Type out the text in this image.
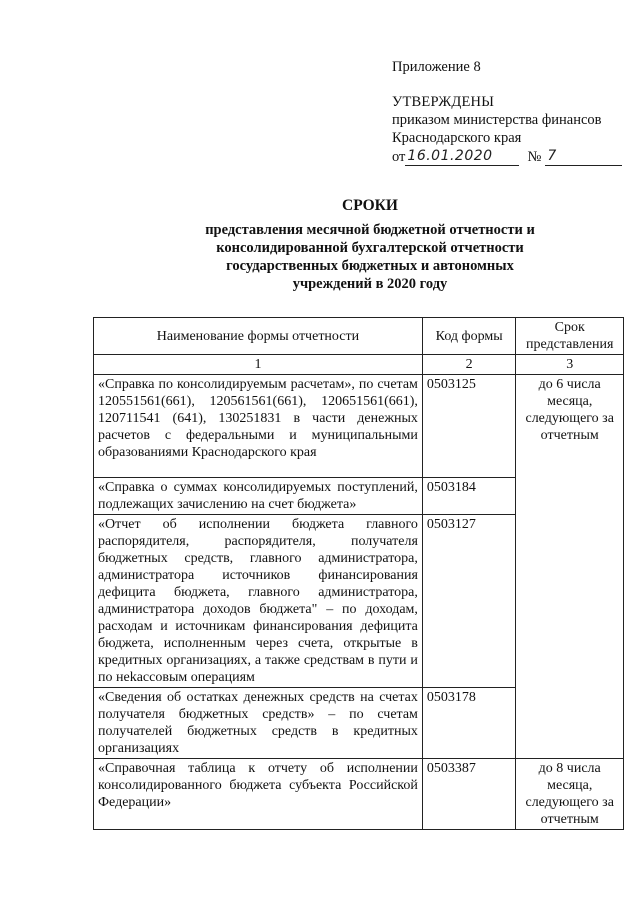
Приложение 8
УТВЕРЖДЕНЫ
приказом министерства финансов
Краснодарского края
от 16.01.2020 № 7
СРОКИ
представления месячной бюджетной отчетности и
консолидированной бухгалтерской отчетности
государственных бюджетных и автономных
учреждений в 2020 году
Наименование формы отчетности	Код формы	Срок представления
1	2	3
«Справка по консолидируемым расчетам», по счетам 120551561(661), 120561561(661), 120651561(661), 120711541 (641), 130251831 в части денежных расчетов с федеральными и муниципальными образованиями Краснодарского края	0503125	до 6 числа месяца, следующего за отчетным
«Справка о суммах консолидируемых поступлений, подлежащих зачислению на счет бюджета»	0503184	
«Отчет об исполнении бюджета главного распорядителя, распорядителя, получателя бюджетных средств, главного администратора, администратора источников финансирования дефицита бюджета, главного администратора, администратора доходов бюджета" – по доходам, расходам и источникам финансирования дефицита бюджета, исполненным через счета, открытые в кредитных организациях, а также средствам в пути и по неkассовым операциям	0503127	
«Сведения об остатках денежных средств на счетах получателя бюджетных средств» – по счетам получателей бюджетных средств в кредитных организациях	0503178	
«Справочная таблица к отчету об исполнении консолидированного бюджета субъекта Российской Федерации»	0503387	до 8 числа месяца, следующего за отчетным
